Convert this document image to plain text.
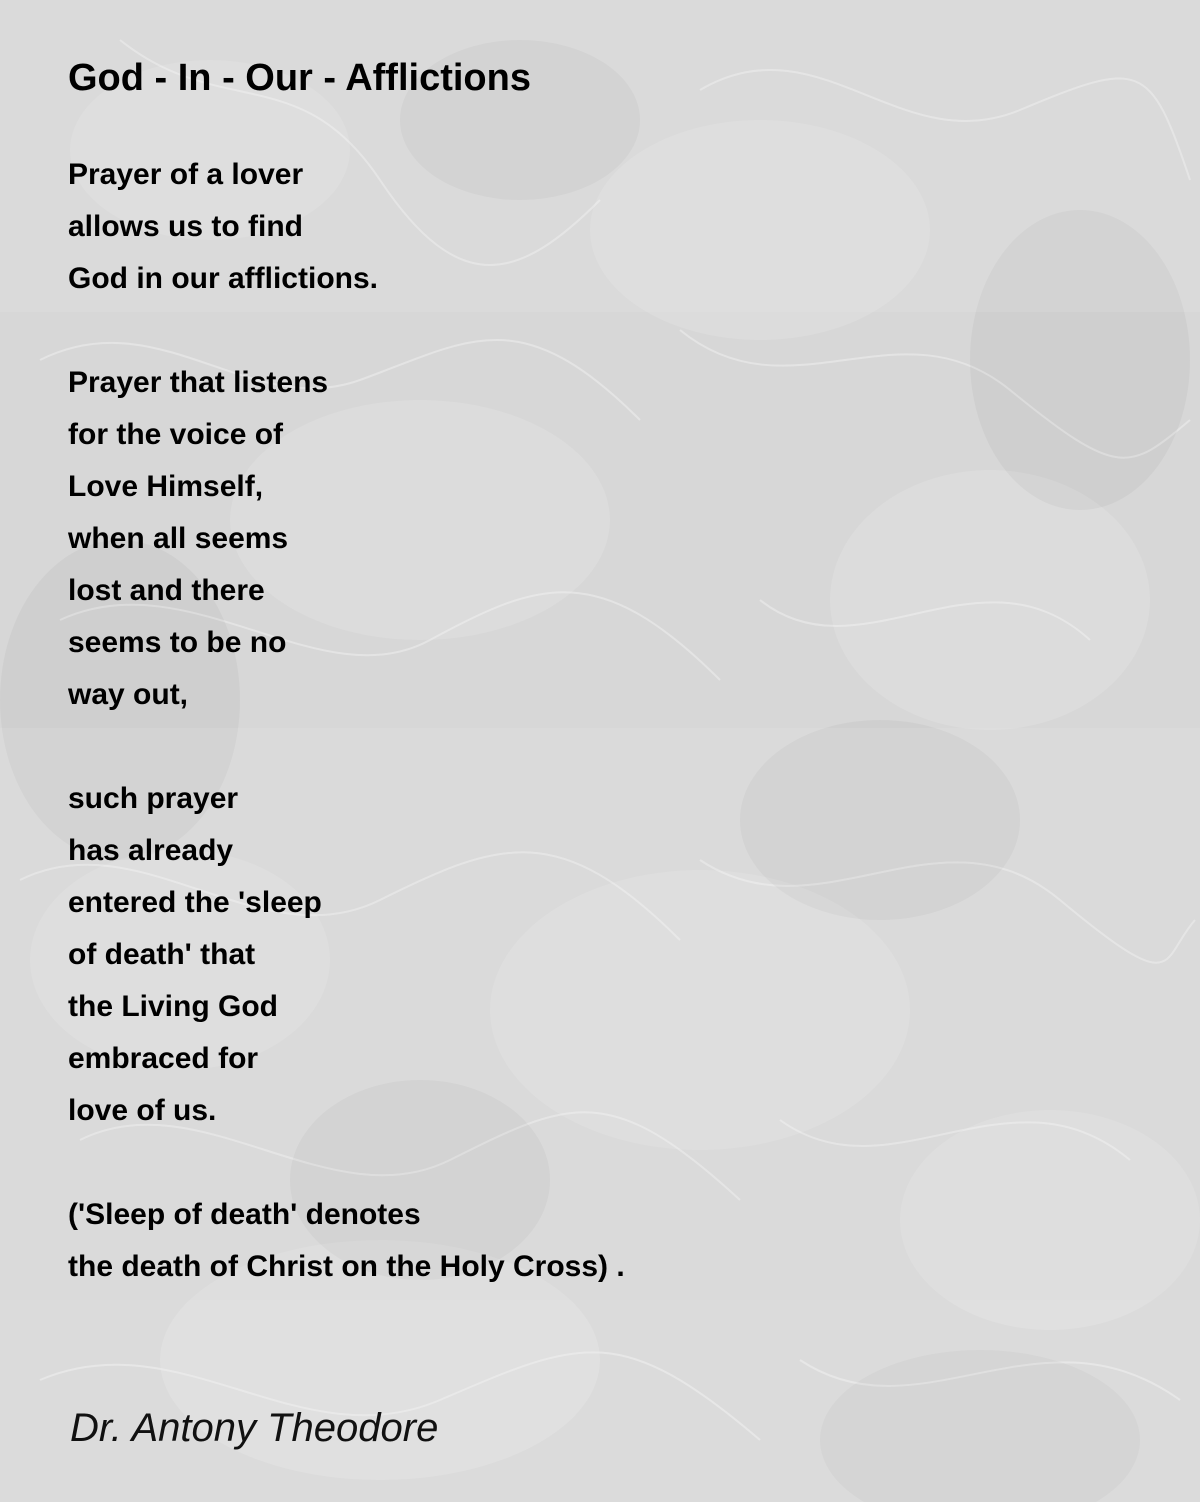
God - In - Our - Afflictions
Prayer of a lover
allows us to find
God in our afflictions.
Prayer that listens
for the voice of
Love Himself,
when all seems
lost and there
seems to be no
way out,
such prayer
has already
entered the 'sleep
of death' that
the Living God
embraced for
love of us.
('Sleep of death' denotes
the death of Christ on the Holy Cross) .

Dr. Antony Theodore
